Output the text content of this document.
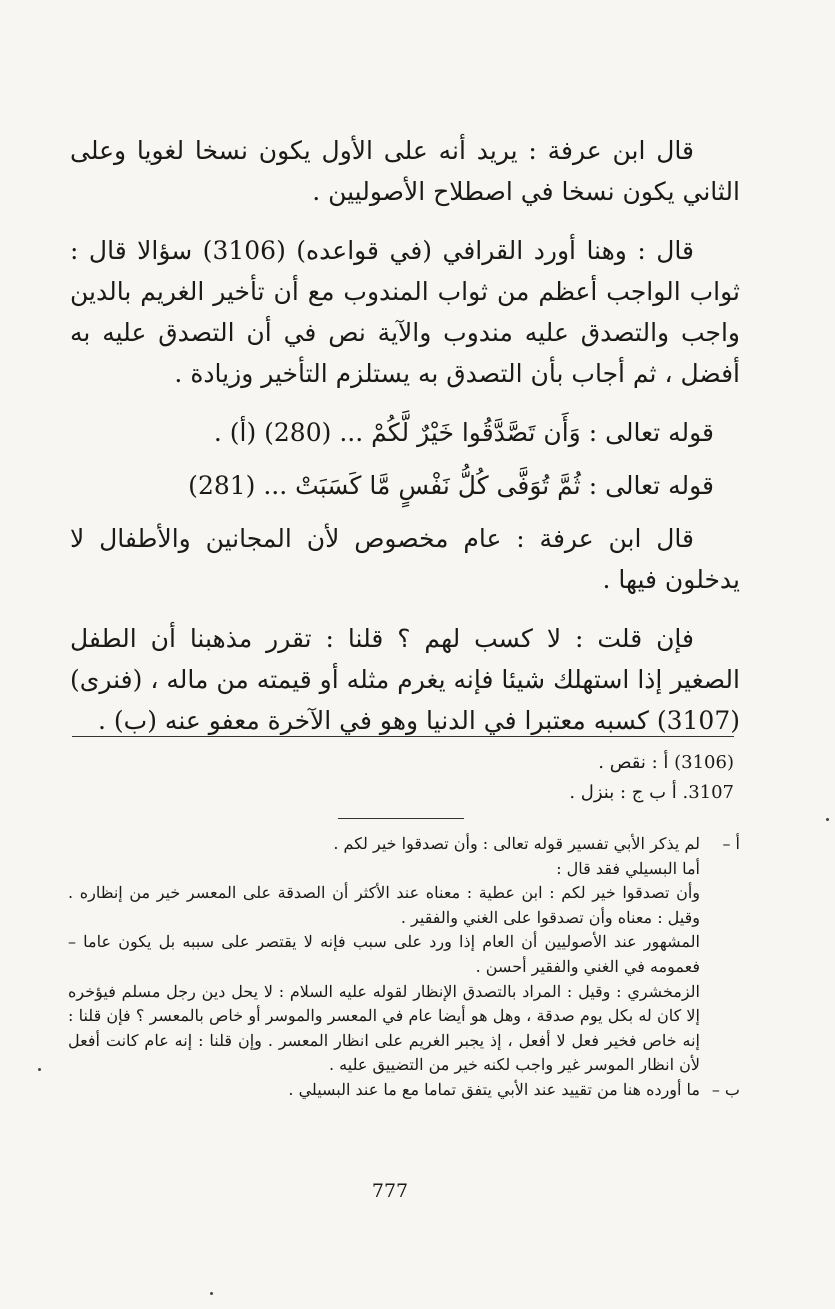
قال ابن عرفة : يريد أنه على الأول يكون نسخا لغويا وعلى الثاني يكون نسخا في اصطلاح الأصوليين .

قال : وهنا أورد القرافي (في قواعده) (3106) سؤالا قال : ثواب الواجب أعظم من ثواب المندوب مع أن تأخير الغريم بالدين واجب والتصدق عليه مندوب والآية نص في أن التصدق عليه به أفضل ، ثم أجاب بأن التصدق به يستلزم التأخير وزيادة .

قوله تعالى : وَأَن تَصَّدَّقُوا خَيْرٌ لَّكُمْ ... (280) (أ) .

قوله تعالى : ثُمَّ تُوَفَّى كُلُّ نَفْسٍ مَّا كَسَبَتْ ... (281)

قال ابن عرفة : عام مخصوص لأن المجانين والأطفال لا يدخلون فيها .

فإن قلت : لا كسب لهم ؟ قلنا : تقرر مذهبنا أن الطفل الصغير إذا استهلك شيئا فإنه يغرم مثله أو قيمته من ماله ، (فنرى) (3107) كسبه معتبرا في الدنيا وهو في الآخرة معفو عنه (ب) .

(3106) أ : نقص .

3107. أ ب ج : بنزل .

أ –

لم يذكر الأبي تفسير قوله تعالى : وأن تصدقوا خير لكم .

أما البسيلي فقد قال :

وأن تصدقوا خير لكم : ابن عطية : معناه عند الأكثر أن الصدقة على المعسر خير من إنظاره . وقيل : معناه وأن تصدقوا على الغني والفقير .

المشهور عند الأصوليين أن العام إذا ورد على سبب فإنه لا يقتصر على سببه بل يكون عاما – فعمومه في الغني والفقير أحسن .

الزمخشري : وقيل : المراد بالتصدق الإنظار لقوله عليه السلام : لا يحل دين رجل مسلم فيؤخره إلا كان له بكل يوم صدقة ، وهل هو أيضا عام في المعسر والموسر أو خاص بالمعسر ؟ فإن قلنا : إنه خاص فخير فعل لا أفعل ، إذ يجبر الغريم على انظار المعسر . وإن قلنا : إنه عام كانت أفعل لأن انظار الموسر غير واجب لكنه خير من التضييق عليه .

ب –

ما أورده هنا من تقييد عند الأبي يتفق تماما مع ما عند البسيلي .

777
